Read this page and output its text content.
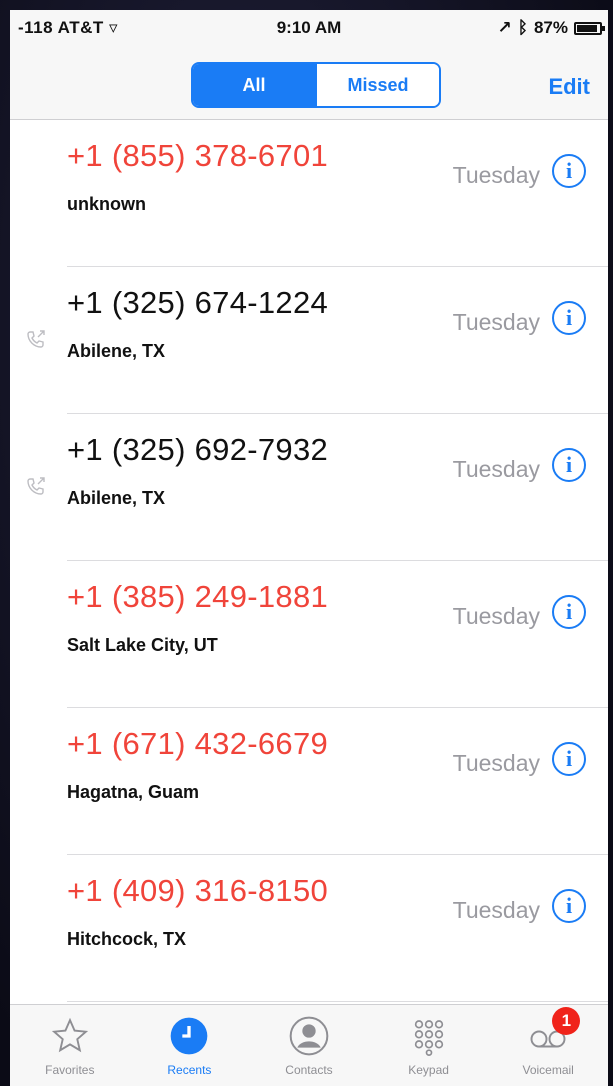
-118 AT&T ▿	9:10 AM	↗ ᛒ 87%
All	Missed	Edit
+1 (855) 378-6701
unknown
Tuesday	i
+1 (325) 674-1224
Abilene, TX
Tuesday	i
+1 (325) 692-7932
Abilene, TX
Tuesday	i
+1 (385) 249-1881
Salt Lake City, UT
Tuesday	i
+1 (671) 432-6679
Hagatna, Guam
Tuesday	i
+1 (409) 316-8150
Hitchcock, TX
Tuesday	i
Favorites	Recents	Contacts	Keypad
1
Voicemail
